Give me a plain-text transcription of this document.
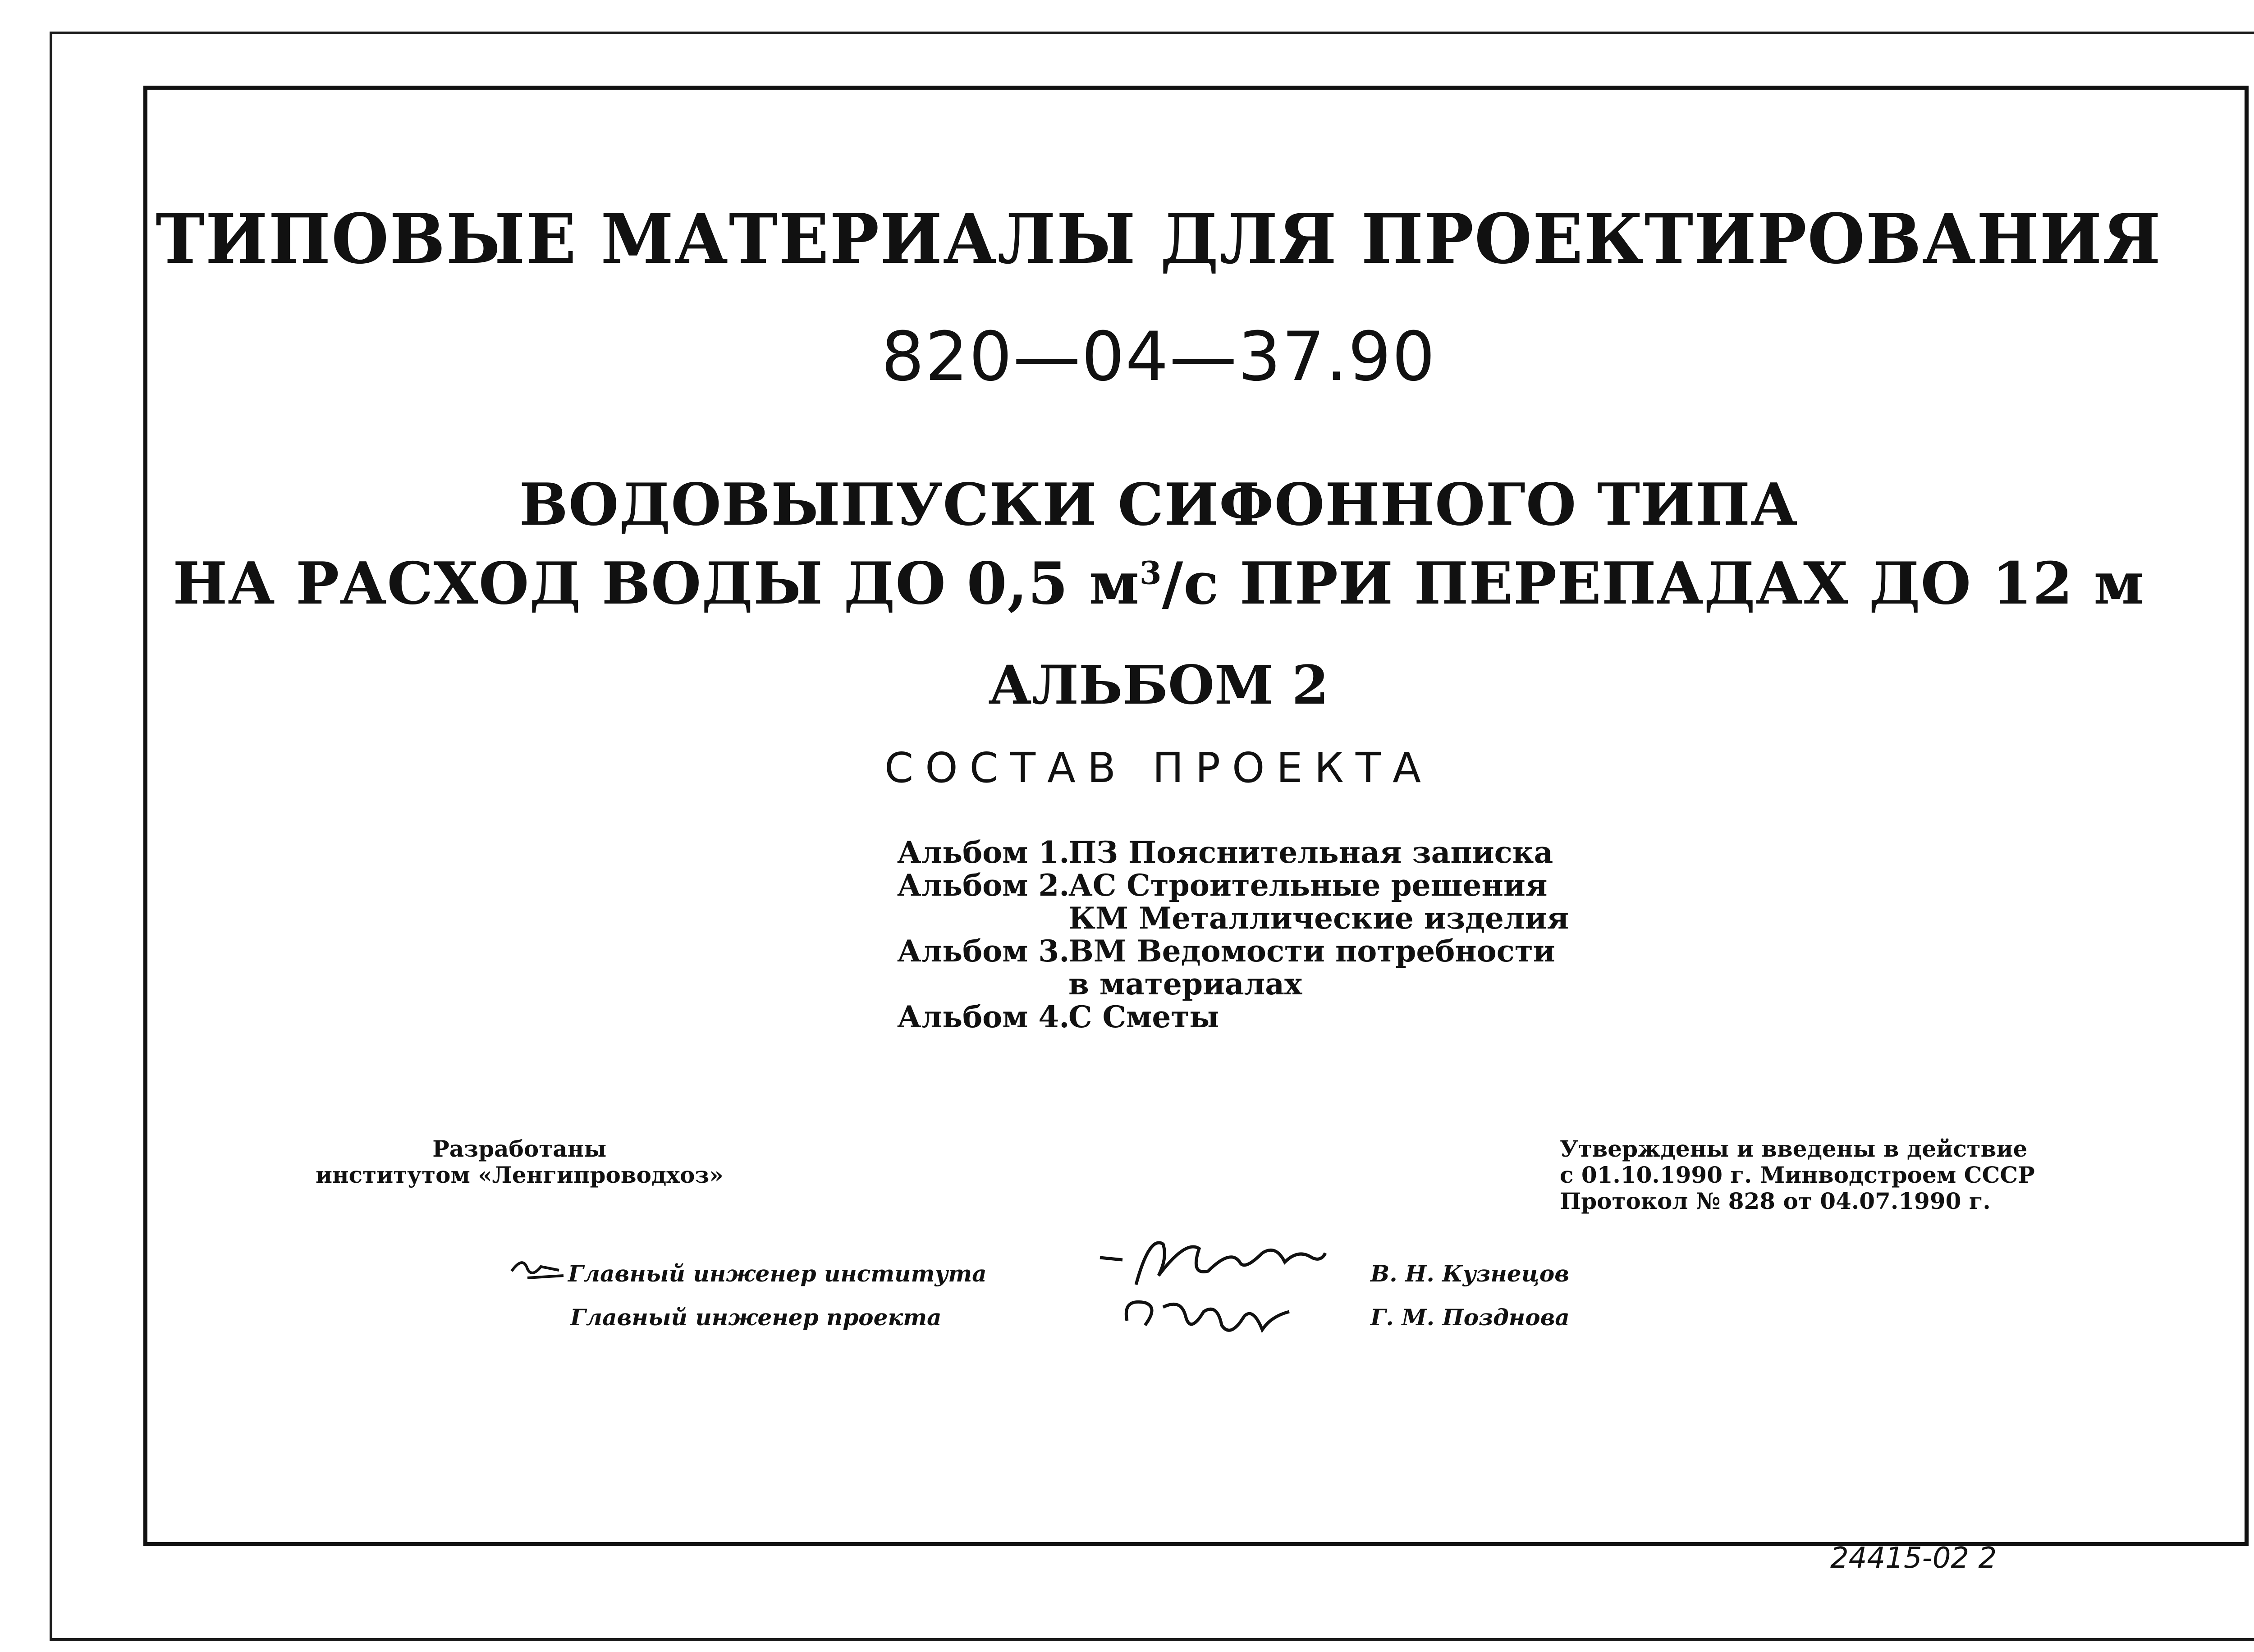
ТИПОВЫЕ МАТЕРИАЛЫ ДЛЯ ПРОЕКТИРОВАНИЯ
820—04—37.90
ВОДОВЫПУСКИ СИФОННОГО ТИПА
НА РАСХОД ВОДЫ ДО 0,5 $м^3/с$ ПРИ ПЕРЕПАДАХ ДО 12 м
АЛЬБОМ 2
СОСТАВ ПРОЕКТА
Альбом 1.
ПЗ Пояснительная записка
Альбом 2.
АС Строительные решения
КМ Металлические изделия
Альбом 3.
ВМ Ведомости потребности
в материалах
Альбом 4.
С Сметы
Разработаны
институтом «Ленгипроводхоз»
Утверждены и введены в действие
с 01.10.1990 г. Минводстроем СССР
Протокол № 828 от 04.07.1990 г.
Главный инженер института	В. Н. Кузнецов
Главный инженер проекта	Г. М. Позднова
24415-02 2
